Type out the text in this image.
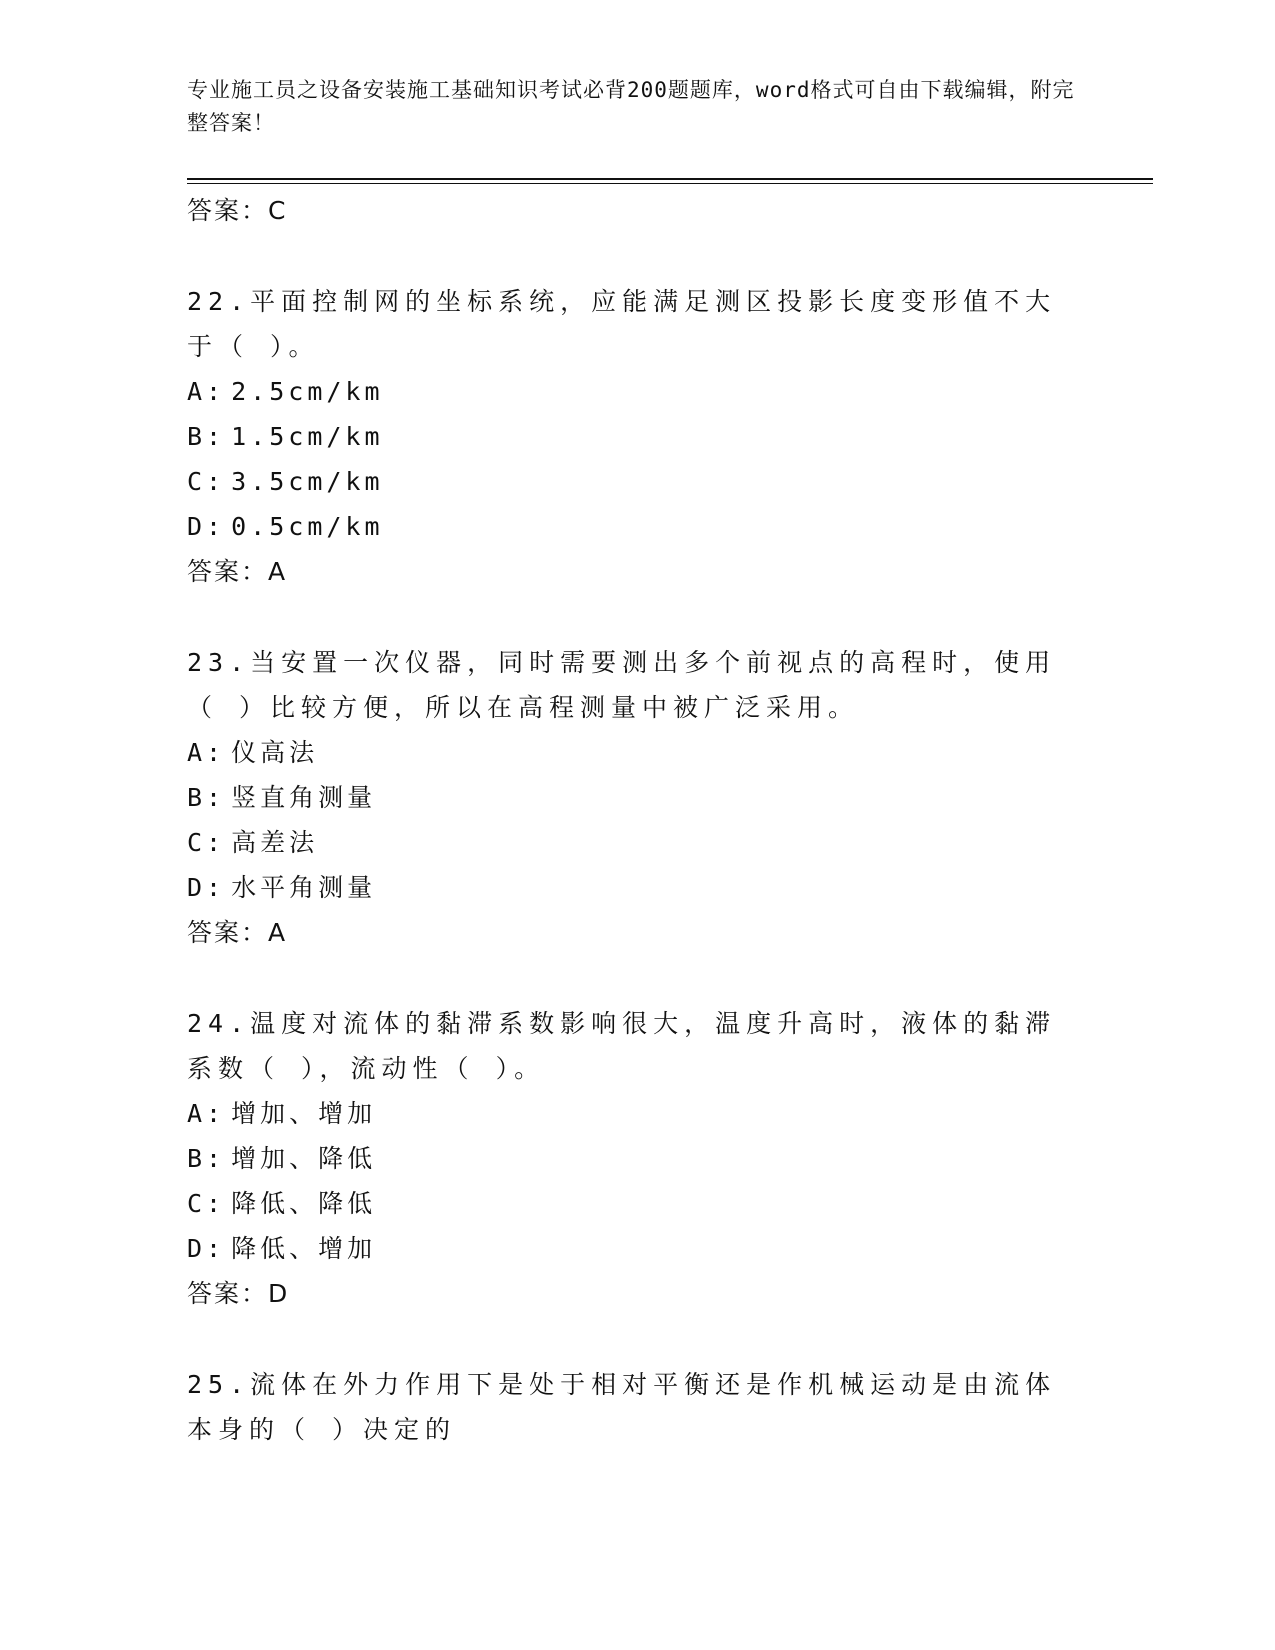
专业施工员之设备安装施工基础知识考试必背200题题库，word格式可自由下载编辑，附完整答案！
答案：C
22.平面控制网的坐标系统，应能满足测区投影长度变形值不大于（ ）。
A: 2.5cm/km
B: 1.5cm/km
C: 3.5cm/km
D: 0.5cm/km
答案：A
23.当安置一次仪器，同时需要测出多个前视点的高程时，使用（ ）比较方便，所以在高程测量中被广泛采用。
A: 仪高法
B: 竖直角测量
C: 高差法
D: 水平角测量
答案：A
24.温度对流体的黏滞系数影响很大，温度升高时，液体的黏滞系数（ ），流动性（ ）。
A: 增加、增加
B: 增加、降低
C: 降低、降低
D: 降低、增加
答案：D
25.流体在外力作用下是处于相对平衡还是作机械运动是由流体本身的（ ）决定的
